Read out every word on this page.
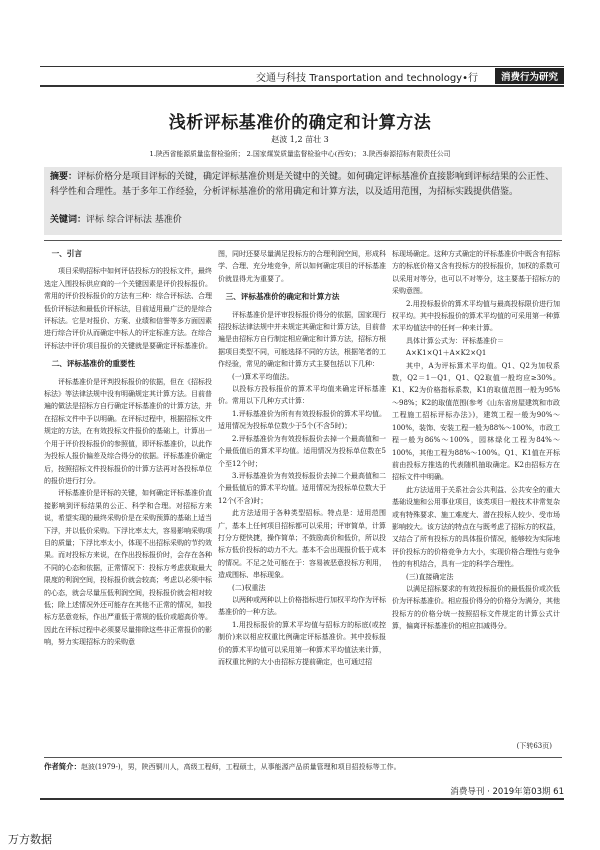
交通与科技 Transportation and technology•行	消费行为研究
浅析评标基准价的确定和计算方法
赵波 1,2 苗壮 3
1.陕西省能源质量监督检验所； 2.国家煤炭质量监督检验中心(西安)； 3.陕西泰源招标有限责任公司
摘要：评标价格分是项目评标的关键，确定评标基准价则是关键中的关键。如何确定评标基准价直接影响到评标结果的公正性、科学性和合理性。基于多年工作经验，分析评标基准价的常用确定和计算方法，以及适用范围，为招标实践提供借鉴。
关键词：评标 综合评标法 基准价
一、引言

项目采购招标中如何评估投标方的投标文件，最终选定入围投标供应商的一个关键因素是评价投标报价。常用的评价投标报价的方法有三种：综合评标法、合理低价评标法和最低价评标法，目前适用最广泛的是综合评标法。它是对报价、方案、业绩和信誉等多方面因素进行综合评价从而确定中标人的评定标准方法。在综合评标法中评价项目报价的关键就是要确定评标基准价。

二、评标基准价的重要性

评标基准价是评判投标报价的依据，但在《招标投标法》等法律法规中没有明确规定其计算方法。目前普遍的做法是招标方自行确定评标基准价的计算方法，并在招标文件中予以明确。在评标过程中，根据招标文件规定的方法，在有效投标文件报价的基础上，计算出一个用于评价投标报价的参照值，即评标基准价，以此作为投标人报价偏差及综合得分的依据。评标基准价确定后，按照招标文件投标报价的计算方法再对各投标单位的报价进行打分。

评标基准价是评标的关键，如何确定评标基准价直接影响到评标结果的公正、科学和合理。对招标方来说，希望实现的最终采购价是在采购预算的基础上适当下浮，并以低价采购。下浮比率太大，容易影响采购项目的质量；下浮比率太小，体现不出招标采购的节约效果。而对投标方来说，在作出投标报价时，会存在各种不同的心态和依据，正常情况下：投标方考虑获取最大限度的利润空间，投标报价就会较高；考虑以必须中标的心态，就会尽量压低利润空间，投标报价就会相对较低；除上述情况外还可能存在其他不正常的情况，如投标方恶意竞标，作出严重低于常规的低价或超高价等。因此在评标过程中必须要尽量排除这些非正常报价的影响，努力实现招标方的采购意

图，同时还要尽量满足投标方的合理利润空间，形成科学、合理、充分地竞争，所以如何确定项目的评标基准价就显得尤为重要了。

三、评标基准价的确定和计算方法

评标基准价是评审投标报价得分的依据，国家现行招投标法律法规中并未规定其确定和计算方法，目前普遍是由招标方自行制定相应确定和计算方法，招标方根据项目类型不同，可能选择不同的方法，根据笔者的工作经验，常见的确定和计算方式主要包括以下几种：

(一)算术平均值法。

以投标方投标报价的算术平均值来确定评标基准价。常用以下几种方式计算：

1.评标基准价为所有有效投标报价的算术平均值。适用情况为投标单位数少于5个(不含5时)；

2.评标基准价为有效投标报价去掉一个最高值和一个最低值后的算术平均值。适用情况为投标单位数在5个至12个时；

3.评标基准价为有效投标报价去掉二个最高值和二个最低值后的算术平均值。适用情况为投标单位数大于12个(不含)时；

此方法适用于各种类型招标。特点是：适用范围广，基本上任何项目招标都可以采用；评审简单，计算打分方便快捷，操作简单；不鼓励高价和低价，所以投标方低价投标的动力不大。基本不会出现报价低于成本的情况。不足之处可能在于：容易被恶意投标方利用，造成围标、串标现象。

(二)权重法

以两种或两种以上价格指标进行加权平均作为评标基准价的一种方法。

1.用投标报价的算术平均值与招标方的标底(或控制价)来以相应权重比例确定评标基准价。其中投标报价的算术平均值可以采用第一种算术平均值法来计算，而权重比例的大小由招标方提前确定，也可通过招

标现场确定。这种方式确定的评标基准价中既含有招标方的标底价格又含有投标方的投标报价，加权的系数可以采用对等分，也可以不对等分，这主要基于招标方的采购意图。

2.用投标报价的算术平均值与最高投标限价进行加权平均。其中投标报价的算术平均值的可采用第一种算术平均值法中的任何一种来计算。

具体计算公式为：评标基准价＝

A×K1×Q1＋A×K2×Q1

其中，A为评标算术平均值。Q1、Q2为加权系数，Q2＝1－Q1，Q1、Q2取值一般均应≥30%。K1、K2为价格指标系数，K1的取值范围一般为95%～98%；K2的取值范围(参考《山东省房屋建筑和市政工程施工招标评标办法》)，建筑工程一般为90%～100%，装饰、安装工程一般为88%～100%，市政工程一般为86%～100%，园林绿化工程为84%～100%，其他工程为88%～100%。Q1、K1值在开标前由投标方推选的代表随机抽取确定。K2由招标方在招标文件中明确。

此方法适用于关系社会公共利益、公共安全的重大基础设施和公用事业项目，该类项目一般技术非常复杂或有特殊要求、施工难度大、潜在投标人较少、受市场影响较大。该方法的特点在与既考虑了招标方的权益，又结合了所有投标方的具体报价情况，能够较为实际地评价投标方的价格竞争力大小，实现价格合理性与竞争性的有机结合，具有一定的科学合理性。

(三)直接确定法

以满足招标要求的有效投标报价的最低报价或次低价为评标基准价。相应报价得分的价格分为满分，其他投标方的价格分统一按照招标文件规定的计算公式计算，偏离评标基准价的相应扣减得分。

(下转63页)
作者简介：赵波(1979-)，男，陕西铜川人，高级工程师，工程硕士，从事能源产品质量管理和项目招投标等工作。
消费导刊 · 2019年第03期 61
万方数据
